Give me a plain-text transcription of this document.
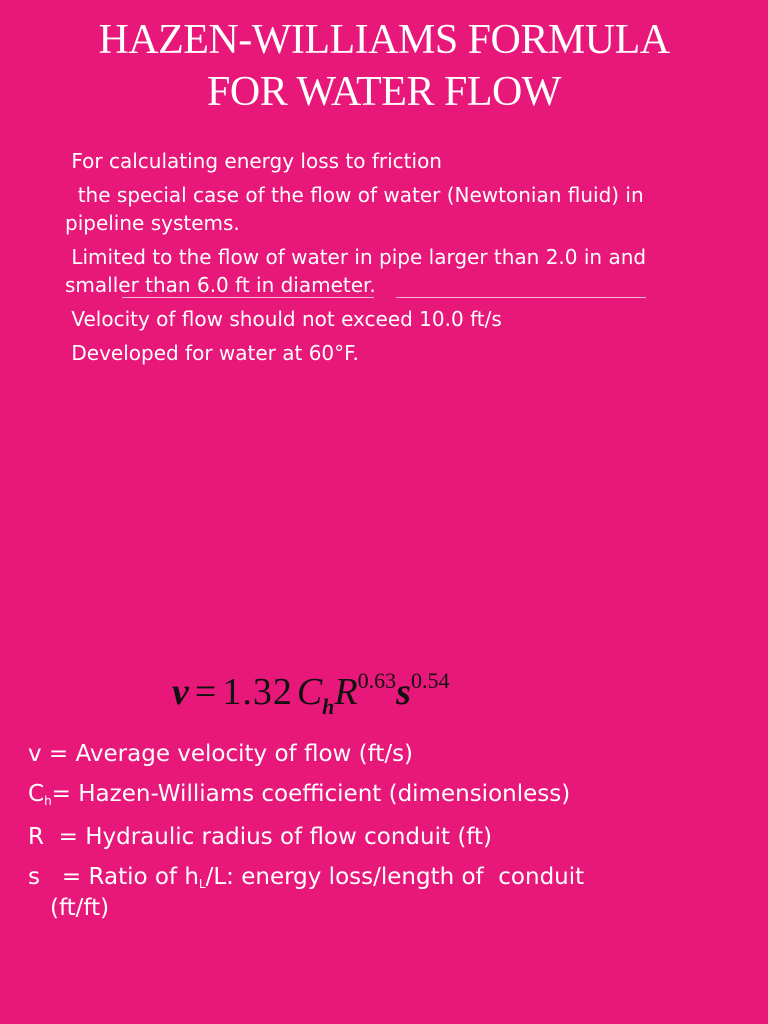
HAZEN-WILLIAMS FORMULA
FOR WATER FLOW
For calculating energy loss to friction
the special case of the flow of water (Newtonian fluid) in pipeline systems.
Limited to the flow of water in pipe larger than 2.0 in and smaller than 6.0 ft in diameter.
Velocity of flow should not exceed 10.0 ft/s
Developed for water at 60°F.
v = 1.32 ChR0.63s0.54
v = Average velocity of flow (ft/s)
Ch= Hazen-Williams coefficient (dimensionless)
R  = Hydraulic radius of flow conduit (ft)
s   = Ratio of hL/L: energy loss/length of  conduit
(ft/ft)
